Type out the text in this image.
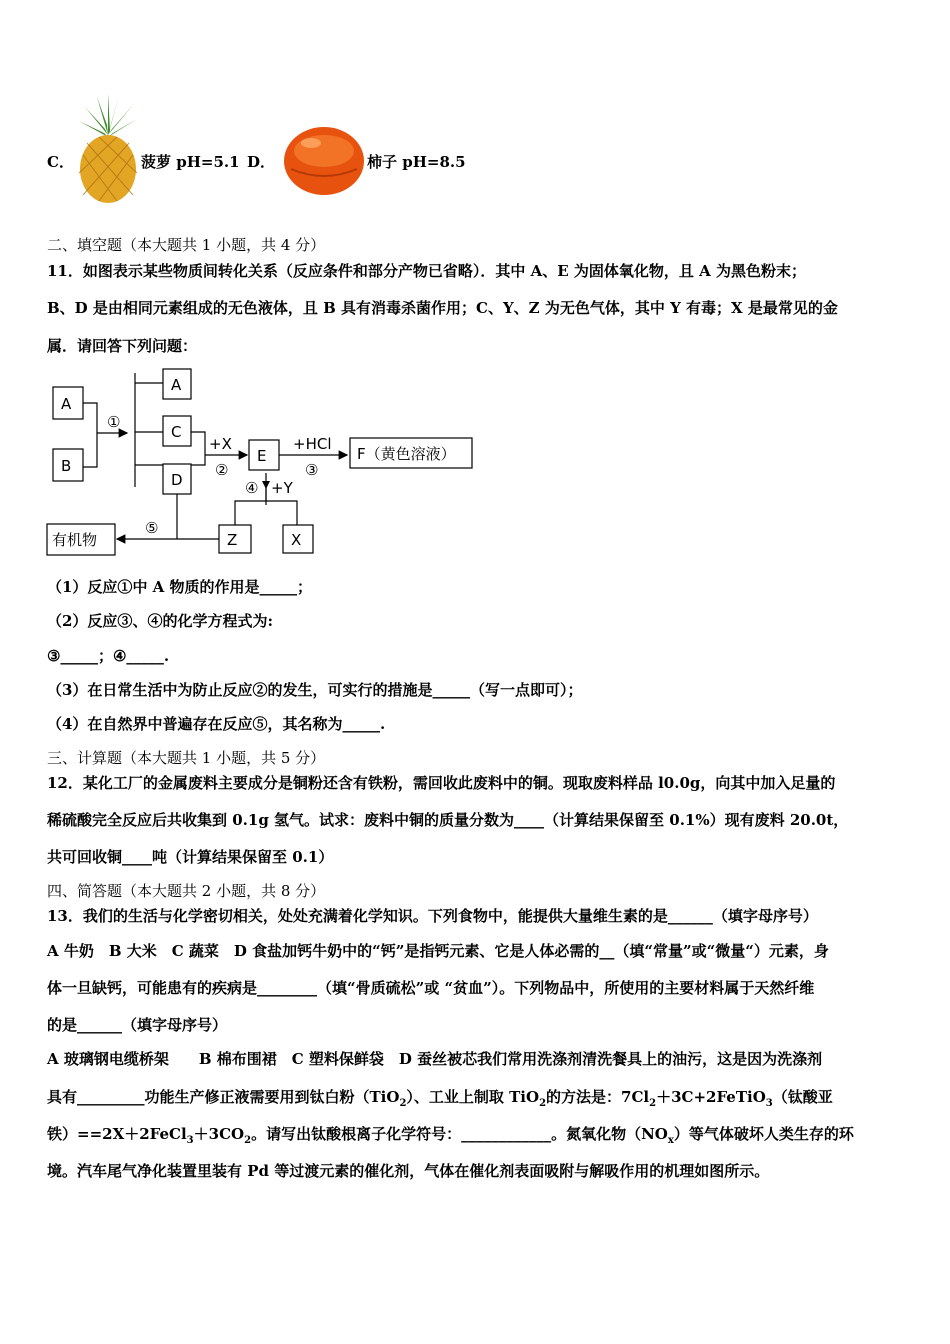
C．	菠萝 pH=5.1 D．	柿子 pH=8.5
二、填空题（本大题共 1 小题，共 4 分）
11．如图表示某些物质间转化关系（反应条件和部分产物已省略）．其中 A、E 为固体氧化物，且 A 为黑色粉末；
B、D 是由相同元素组成的无色液体，且 B 具有消毒杀菌作用；C、Y、Z 为无色气体，其中 Y 有毒；X 是最常见的金
属．请回答下列问题：
A
B
①
A
C
D
+X
②
E
+HCl
③
F（黄色溶液）
④ +Y
Z	X
⑤
有机物
（1）反应①中 A 物质的作用是_____；
（2）反应③、④的化学方程式为:
③_____；④_____.
（3）在日常生活中为防止反应②的发生，可实行的措施是_____（写一点即可）；
（4）在自然界中普遍存在反应⑤，其名称为_____.
三、计算题（本大题共 1 小题，共 5 分）
12．某化工厂的金属废料主要成分是铜粉还含有铁粉，需回收此废料中的铜。现取废料样品 l0.0g，向其中加入足量的
稀硫酸完全反应后共收集到 0.1g 氢气。试求：废料中铜的质量分数为____（计算结果保留至 0.1%）现有废料 20.0t，
共可回收铜____吨（计算结果保留至 0.1）
四、简答题（本大题共 2 小题，共 8 分）
13．我们的生活与化学密切相关，处处充满着化学知识。下列食物中，能提供大量维生素的是______（填字母序号）
A 牛奶　B 大米　C 蔬菜　D 食盐加钙牛奶中的“钙”是指钙元素、它是人体必需的__（填“常量”或“微量“）元素，身
体一旦缺钙，可能患有的疾病是________（填“骨质硫松”或 “贫血”）。下列物品中，所使用的主要材料属于天然纤维
的是______（填字母序号）
A 玻璃钢电缆桥架　　B 棉布围裙　C 塑料保鲜袋　D 蚕丝被芯我们常用洗涤剂清洗餐具上的油污，这是因为洗涤剂
具有_________功能生产修正液需要用到钛白粉（TiO$_2$）、工业上制取 TiO$_2$的方法是：$7Cl_2+3C+2FeTiO_3$（钛酸亚
铁）$==2X+2FeCl_3+3CO_2$。请写出钛酸根离子化学符号：____________。氮氧化物$(NO_x)$等气体破坏人类生存的环
境。汽车尾气净化装置里装有 Pd 等过渡元素的催化剂，气体在催化剂表面吸附与解吸作用的机理如图所示。
